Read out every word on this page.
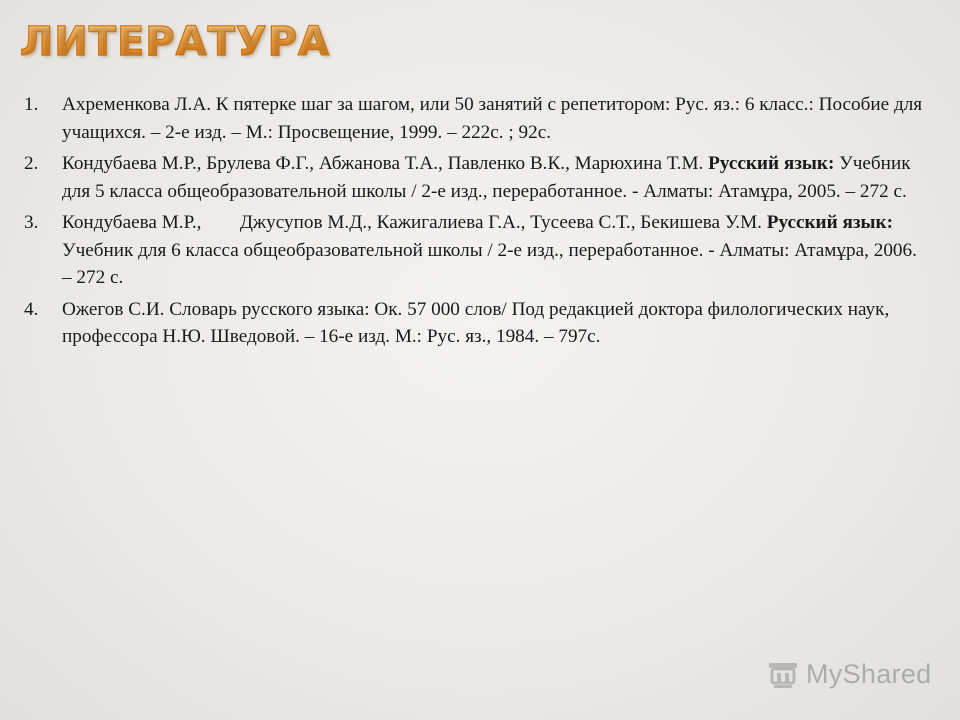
ЛИТЕРАТУРА
1. Ахременкова Л.А. К пятерке шаг за шагом, или 50 занятий с репетитором: Рус. яз.: 6 класс.: Пособие для учащихся. – 2-е изд. – М.: Просвещение, 1999. – 222с. ; 92с.
2. Кондубаева М.Р., Брулева Ф.Г., Абжанова Т.А., Павленко В.К., Марюхина Т.М. Русский язык: Учебник для 5 класса общеобразовательной школы / 2-е изд., переработанное. - Алматы: Атамұра, 2005. – 272 с.
3. Кондубаева М.Р.,  Джусупов М.Д., Кажигалиева Г.А., Тусеева С.Т., Бекишева У.М. Русский язык: Учебник для 6 класса общеобразовательной школы / 2-е изд., переработанное. - Алматы: Атамұра, 2006. – 272 с.
4. Ожегов С.И. Словарь русского языка: Ок. 57 000 слов/ Под редакцией доктора филологических наук, профессора Н.Ю. Шведовой. – 16-е изд. М.: Рус. яз., 1984. – 797с.
MyShared
